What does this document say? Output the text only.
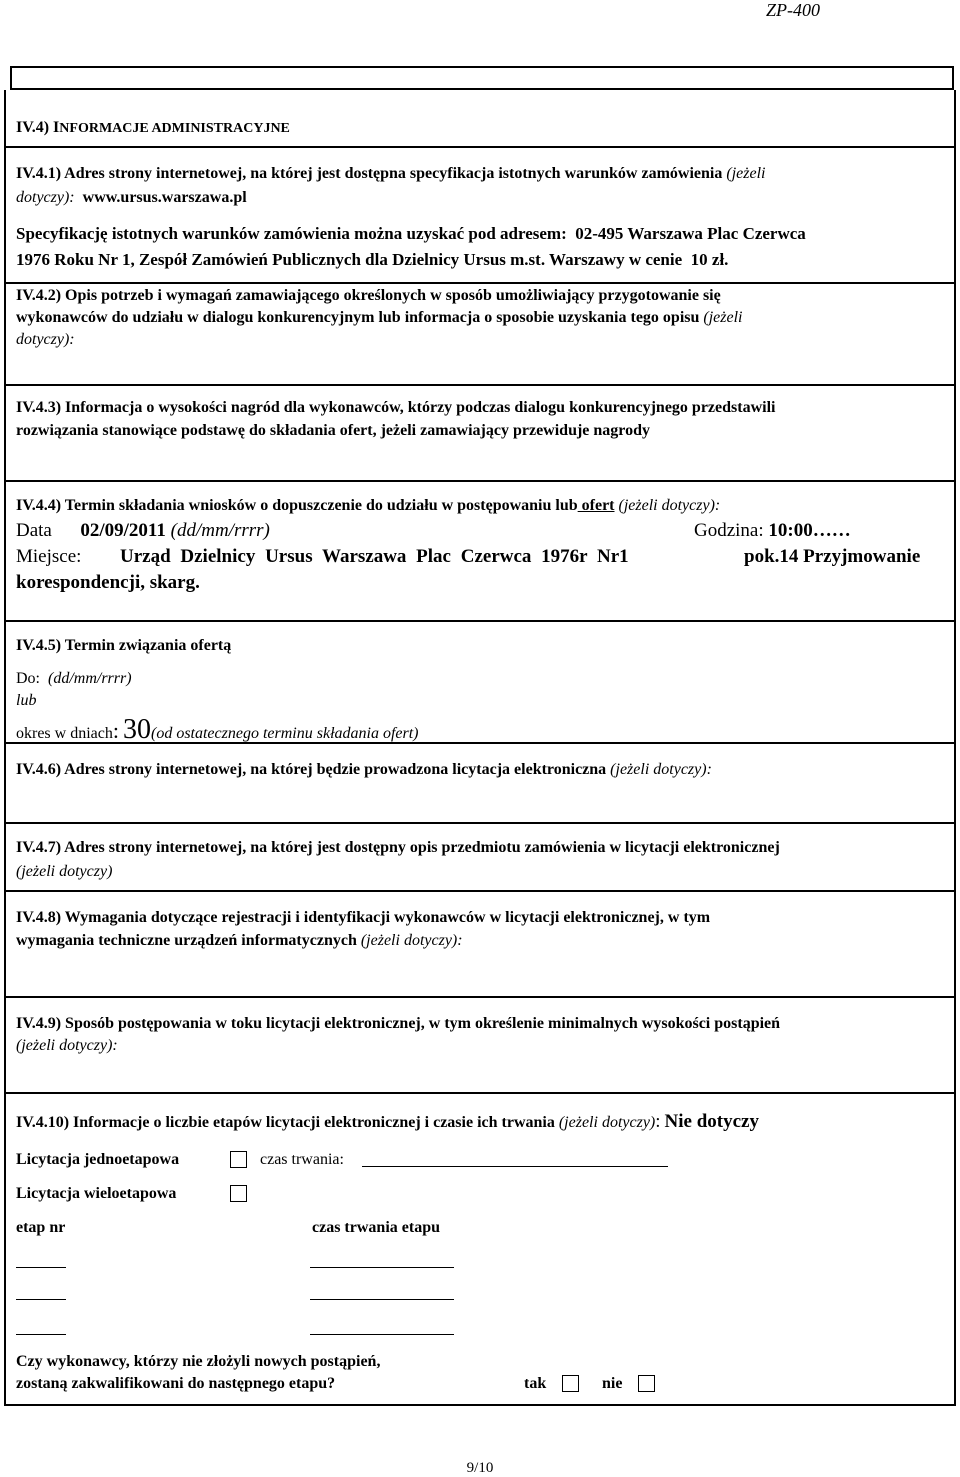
ZP-400
IV.4) INFORMACJE ADMINISTRACYJNE
IV.4.1) Adres strony internetowej, na której jest dostępna specyfikacja istotnych warunków zamówienia (jeżeli
dotyczy): www.ursus.warszawa.pl
Specyfikację istotnych warunków zamówienia można uzyskać pod adresem: 02-495 Warszawa Plac Czerwca
1976 Roku Nr 1, Zespół Zamówień Publicznych dla Dzielnicy Ursus m.st. Warszawy w cenie 10 zł.
IV.4.2) Opis potrzeb i wymagań zamawiającego określonych w sposób umożliwiający przygotowanie się
wykonawców do udziału w dialogu konkurencyjnym lub informacja o sposobie uzyskania tego opisu (jeżeli
dotyczy):
IV.4.3) Informacja o wysokości nagród dla wykonawców, którzy podczas dialogu konkurencyjnego przedstawili
rozwiązania stanowiące podstawę do składania ofert, jeżeli zamawiający przewiduje nagrody
IV.4.4) Termin składania wniosków o dopuszczenie do udziału w postępowaniu lub ofert (jeżeli dotyczy):
Data 02/09/2011 (dd/mm/rrrr)	Godzina: 10:00……
Miejsce: Urząd Dzielnicy Ursus Warszawa Plac Czerwca 1976r Nr1	pok.14 Przyjmowanie
korespondencji, skarg.
IV.4.5) Termin związania ofertą
Do: (dd/mm/rrrr)
lub
okres w dniach: 30(od ostatecznego terminu składania ofert)
IV.4.6) Adres strony internetowej, na której będzie prowadzona licytacja elektroniczna (jeżeli dotyczy):
IV.4.7) Adres strony internetowej, na której jest dostępny opis przedmiotu zamówienia w licytacji elektronicznej
(jeżeli dotyczy)
IV.4.8) Wymagania dotyczące rejestracji i identyfikacji wykonawców w licytacji elektronicznej, w tym
wymagania techniczne urządzeń informatycznych (jeżeli dotyczy):
IV.4.9) Sposób postępowania w toku licytacji elektronicznej, w tym określenie minimalnych wysokości postąpień
(jeżeli dotyczy):
IV.4.10) Informacje o liczbie etapów licytacji elektronicznej i czasie ich trwania (jeżeli dotyczy): Nie dotyczy
Licytacja jednoetapowa	czas trwania:
Licytacja wieloetapowa
etap nr	czas trwania etapu
Czy wykonawcy, którzy nie złożyli nowych postąpień,
zostaną zakwalifikowani do następnego etapu?	tak	nie
9/10
